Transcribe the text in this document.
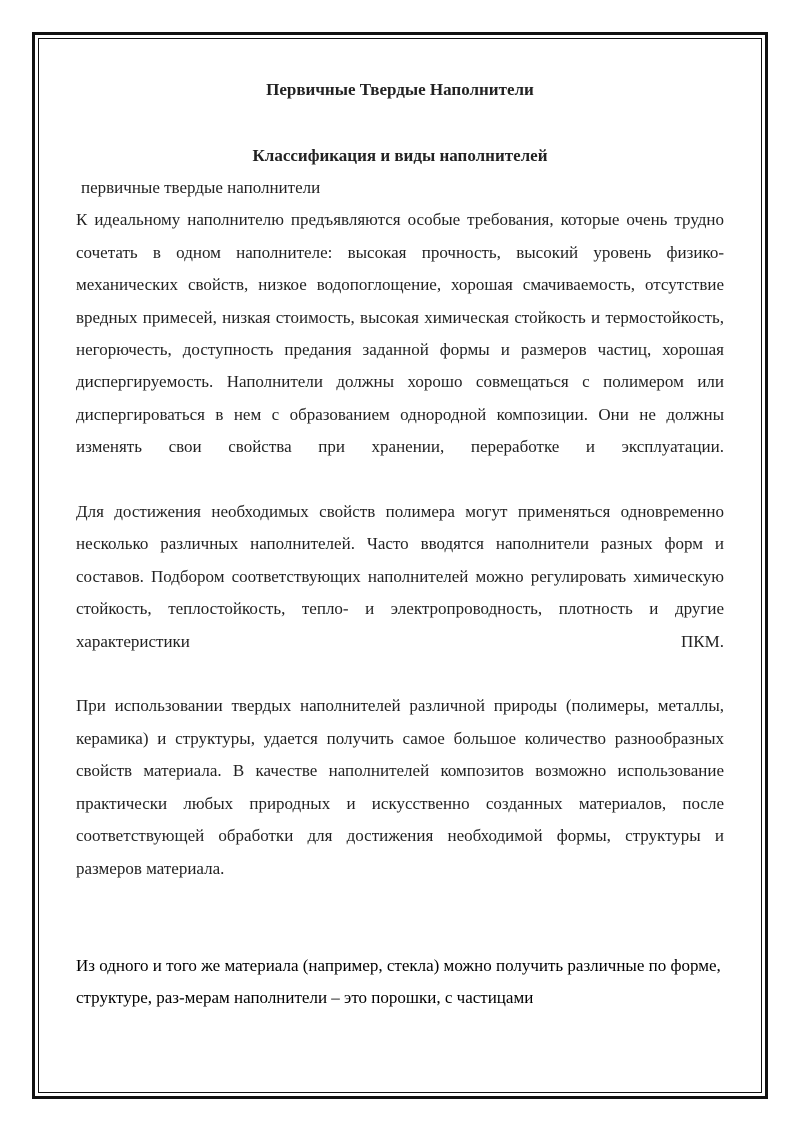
Первичные Твердые Наполнители

Классификация и виды наполнителей

первичные твердые наполнители

К идеальному наполнителю предъявляются особые требования, которые очень трудно сочетать в одном наполнителе: высокая прочность, высокий уровень физико-механических свойств, низкое водопоглощение, хорошая смачиваемость, отсутствие вредных примесей, низкая стоимость, высокая химическая стойкость и термостойкость, негорючесть, доступность предания заданной формы и размеров частиц, хорошая диспергируемость. Наполнители должны хорошо совмещаться с полимером или диспергироваться в нем с образованием однородной композиции. Они не должны изменять свои свойства при хранении, переработке и эксплуатации.

Для достижения необходимых свойств полимера могут применяться одновременно несколько различных наполнителей. Часто вводятся наполнители разных форм и составов. Подбором соответствующих наполнителей можно регулировать химическую стойкость, теплостойкость, тепло- и электропроводность, плотность и другие характеристики ПКМ.

При использовании твердых наполнителей различной природы (полимеры, металлы, керамика) и структуры, удается получить самое большое количество разнообразных свойств материала. В качестве наполнителей композитов возможно использование практически любых природных и искусственно созданных материалов, после соответствующей обработки для достижения необходимой формы, структуры и размеров материала.

Из одного и того же материала (например, стекла) можно получить различные по форме, структуре, раз-мерам наполнители – это порошки, с частицами
